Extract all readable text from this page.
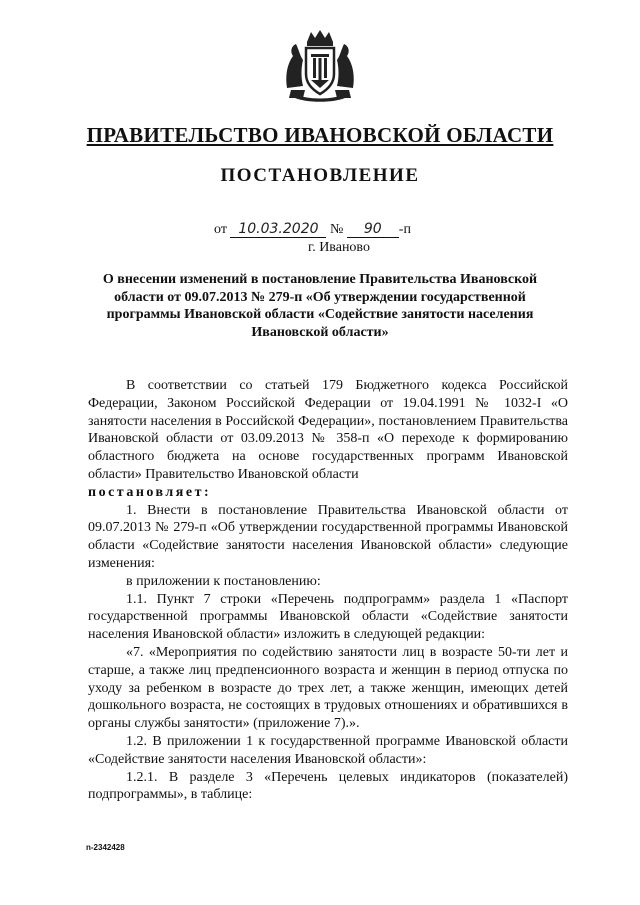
ПРАВИТЕЛЬСТВО ИВАНОВСКОЙ ОБЛАСТИ
ПОСТАНОВЛЕНИЕ
от 10.03.2020 № 90 -п
г. Иваново
О внесении изменений в постановление Правительства Ивановской области от 09.07.2013 № 279-п «Об утверждении государственной программы Ивановской области «Содействие занятости населения Ивановской области»

В соответствии со статьей 179 Бюджетного кодекса Российской Федерации, Законом Российской Федерации от 19.04.1991 № 1032-I «О занятости населения в Российской Федерации», постановлением Правительства Ивановской области от 03.09.2013 № 358-п «О переходе к формированию областного бюджета на основе государственных программ Ивановской области» Правительство Ивановской области

постановляет:

1. Внести в постановление Правительства Ивановской области от 09.07.2013 № 279-п «Об утверждении государственной программы Ивановской области «Содействие занятости населения Ивановской области» следующие изменения:

в приложении к постановлению:

1.1. Пункт 7 строки «Перечень подпрограмм» раздела 1 «Паспорт государственной программы Ивановской области «Содействие занятости населения Ивановской области» изложить в следующей редакции:

«7. «Мероприятия по содействию занятости лиц в возрасте 50-ти лет и старше, а также лиц предпенсионного возраста и женщин в период отпуска по уходу за ребенком в возрасте до трех лет, а также женщин, имеющих детей дошкольного возраста, не состоящих в трудовых отношениях и обратившихся в органы службы занятости» (приложение 7).».

1.2. В приложении 1 к государственной программе Ивановской области «Содействие занятости населения Ивановской области»:

1.2.1. В разделе 3 «Перечень целевых индикаторов (показателей) подпрограммы», в таблице:

n-2342428
